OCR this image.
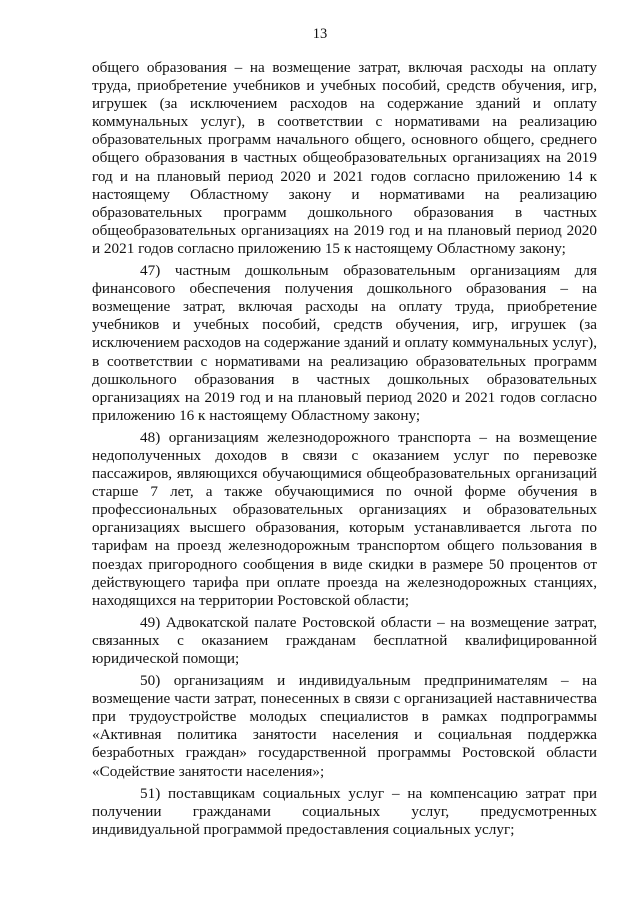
13

общего образования – на возмещение затрат, включая расходы на оплату труда, приобретение учебников и учебных пособий, средств обучения, игр, игрушек (за исключением расходов на содержание зданий и оплату коммунальных услуг), в соответствии с нормативами на реализацию образовательных программ начального общего, основного общего, среднего общего образования в частных общеобразовательных организациях на 2019 год и на плановый период 2020 и 2021 годов согласно приложению 14 к настоящему Областному закону и нормативами на реализацию образовательных программ дошкольного образования в частных общеобразовательных организациях на 2019 год и на плановый период 2020 и 2021 годов согласно приложению 15 к настоящему Областному закону;

47) частным дошкольным образовательным организациям для финансового обеспечения получения дошкольного образования – на возмещение затрат, включая расходы на оплату труда, приобретение учебников и учебных пособий, средств обучения, игр, игрушек (за исключением расходов на содержание зданий и оплату коммунальных услуг), в соответствии с нормативами на реализацию образовательных программ дошкольного образования в частных дошкольных образовательных организациях на 2019 год и на плановый период 2020 и 2021 годов согласно приложению 16 к настоящему Областному закону;

48) организациям железнодорожного транспорта – на возмещение недополученных доходов в связи с оказанием услуг по перевозке пассажиров, являющихся обучающимися общеобразовательных организаций старше 7 лет, а также обучающимися по очной форме обучения в профессиональных образовательных организациях и образовательных организациях высшего образования, которым устанавливается льгота по тарифам на проезд железнодорожным транспортом общего пользования в поездах пригородного сообщения в виде скидки в размере 50 процентов от действующего тарифа при оплате проезда на железнодорожных станциях, находящихся на территории Ростовской области;

49) Адвокатской палате Ростовской области – на возмещение затрат, связанных с оказанием гражданам бесплатной квалифицированной юридической помощи;

50) организациям и индивидуальным предпринимателям – на возмещение части затрат, понесенных в связи с организацией наставничества при трудоустройстве молодых специалистов в рамках подпрограммы «Активная политика занятости населения и социальная поддержка безработных граждан» государственной программы Ростовской области «Содействие занятости населения»;

51) поставщикам социальных услуг – на компенсацию затрат при получении гражданами социальных услуг, предусмотренных индивидуальной программой предоставления социальных услуг;
